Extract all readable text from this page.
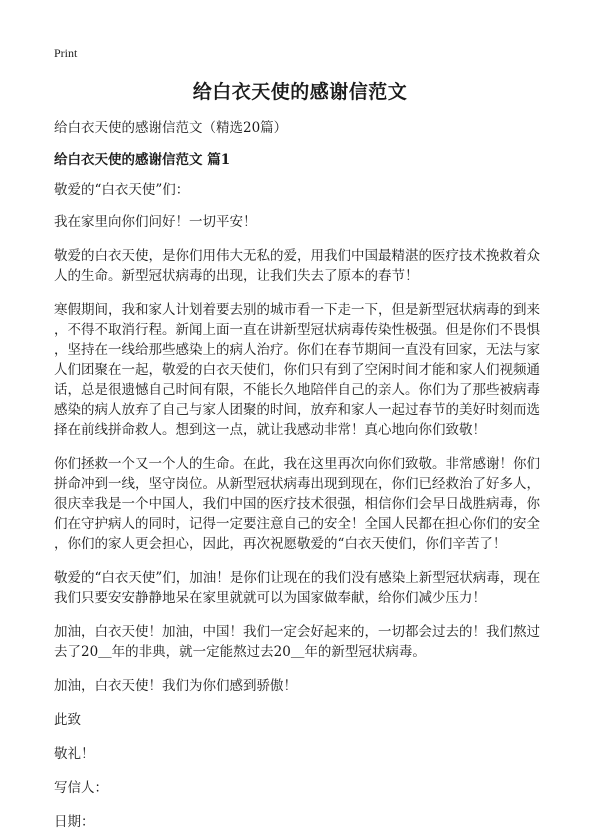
Print
给白衣天使的感谢信范文

给白衣天使的感谢信范文（精选20篇）

给白衣天使的感谢信范文 篇1

敬爱的“白衣天使”们：

我在家里向你们问好！一切平安！

敬爱的白衣天使，是你们用伟大无私的爱，用我们中国最精湛的医疗技术挽救着众

人的生命。新型冠状病毒的出现，让我们失去了原本的春节！

寒假期间，我和家人计划着要去别的城市看一下走一下，但是新型冠状病毒的到来

，不得不取消行程。新闻上面一直在讲新型冠状病毒传染性极强。但是你们不畏惧

，坚持在一线给那些感染上的病人治疗。你们在春节期间一直没有回家，无法与家

人们团聚在一起，敬爱的白衣天使们，你们只有到了空闲时间才能和家人们视频通

话，总是很遗憾自己时间有限，不能长久地陪伴自己的亲人。你们为了那些被病毒

感染的病人放弃了自己与家人团聚的时间，放弃和家人一起过春节的美好时刻而选

择在前线拼命救人。想到这一点，就让我感动非常！真心地向你们致敬！

你们拯救一个又一个人的生命。在此，我在这里再次向你们致敬。非常感谢！你们

拼命冲到一线，坚守岗位。从新型冠状病毒出现到现在，你们已经救治了好多人，

很庆幸我是一个中国人，我们中国的医疗技术很强，相信你们会早日战胜病毒，你

们在守护病人的同时，记得一定要注意自己的安全！全国人民都在担心你们的安全

，你们的家人更会担心，因此，再次祝愿敬爱的“白衣天使们，你们辛苦了！

敬爱的“白衣天使”们，加油！是你们让现在的我们没有感染上新型冠状病毒，现在

我们只要安安静静地呆在家里就就可以为国家做奉献，给你们减少压力！

加油，白衣天使！加油，中国！我们一定会好起来的，一切都会过去的！我们熬过

去了20＿年的非典，就一定能熬过去20＿年的新型冠状病毒。

加油，白衣天使！我们为你们感到骄傲！

此致

敬礼！

写信人：

日期：
